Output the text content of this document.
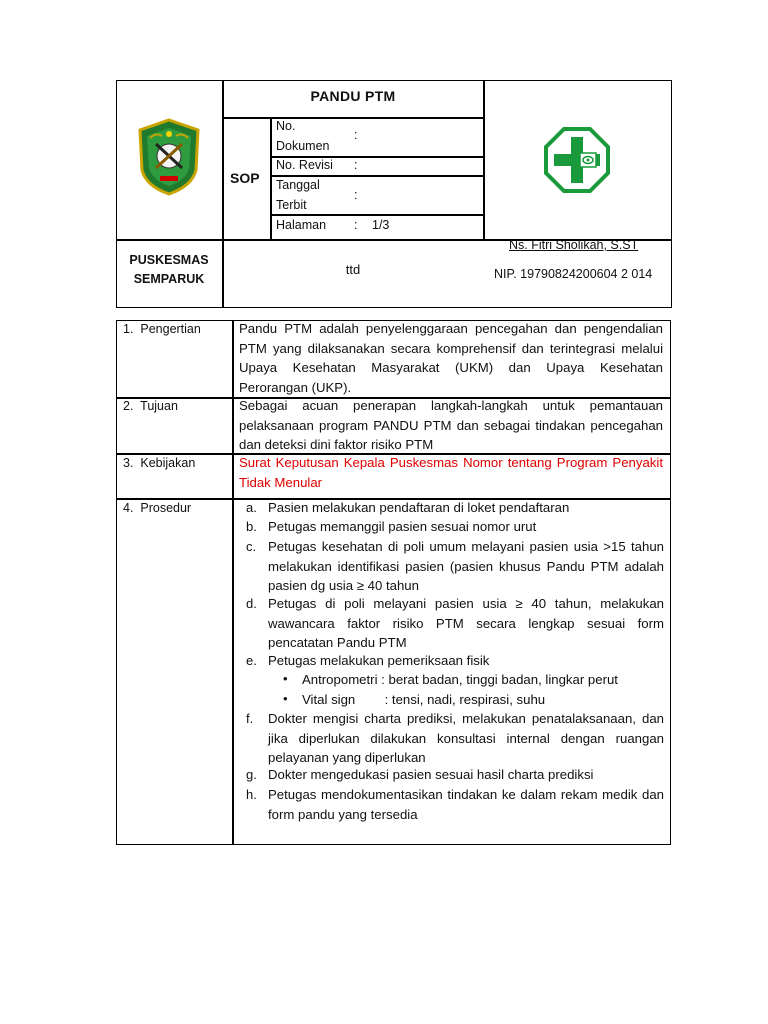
PANDU PTM
SOP
No.
Dokumen
:
No. Revisi :
Tanggal
Terbit
:
Halaman : 1/3
PUSKESMAS
SEMPARUK
ttd
Ns. Fitri Sholikah, S.ST
NIP. 19790824200604 2 014
1.  Pengertian
2.  Tujuan
3.  Kebijakan
4.  Prosedur
Pandu PTM adalah penyelenggaraan pencegahan dan pengendalian PTM yang dilaksanakan secara komprehensif dan terintegrasi melalui Upaya Kesehatan Masyarakat (UKM) dan Upaya Kesehatan Perorangan (UKP).
Sebagai acuan penerapan langkah-langkah untuk pemantauan pelaksanaan program PANDU PTM dan sebagai tindakan pencegahan dan deteksi dini faktor risiko PTM
Surat Keputusan Kepala Puskesmas Nomor tentang Program Penyakit Tidak Menular
a. Pasien melakukan pendaftaran di loket pendaftaran
b. Petugas memanggil pasien sesuai nomor urut
c. Petugas kesehatan di poli umum melayani pasien usia >15 tahun melakukan identifikasi pasien (pasien khusus Pandu PTM adalah pasien dg usia ≥ 40 tahun
d. Petugas di poli melayani pasien usia ≥ 40 tahun, melakukan wawancara faktor risiko PTM secara lengkap sesuai form pencatatan Pandu PTM
e. Petugas melakukan pemeriksaan fisik
• Antropometri : berat badan, tinggi badan, lingkar perut
• Vital sign        : tensi, nadi, respirasi, suhu
f. Dokter mengisi charta prediksi, melakukan penatalaksanaan, dan jika diperlukan dilakukan konsultasi internal dengan ruangan pelayanan yang diperlukan
g. Dokter mengedukasi pasien sesuai hasil charta prediksi
h. Petugas mendokumentasikan tindakan ke dalam rekam medik dan form pandu yang tersedia
